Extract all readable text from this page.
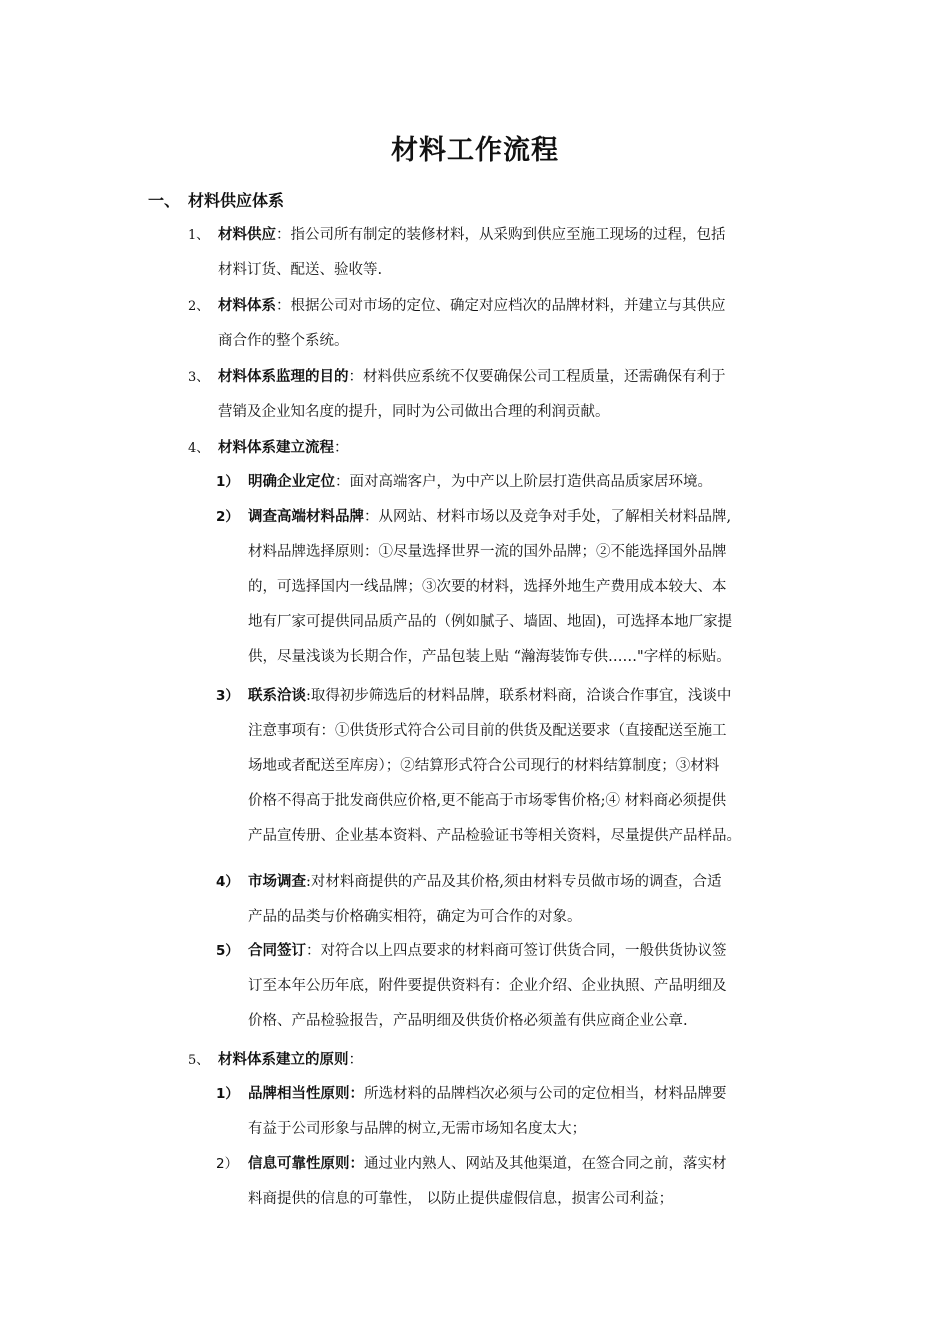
材料工作流程
一、 材料供应体系
1、 材料供应：指公司所有制定的装修材料，从采购到供应至施工现场的过程，包括
材料订货、配送、验收等.
2、 材料体系：根据公司对市场的定位、确定对应档次的品牌材料，并建立与其供应
商合作的整个系统。
3、 材料体系监理的目的：材料供应系统不仅要确保公司工程质量，还需确保有利于
营销及企业知名度的提升，同时为公司做出合理的利润贡献。
4、 材料体系建立流程：
1） 明确企业定位：面对高端客户，为中产以上阶层打造供高品质家居环境。
2） 调查高端材料品牌：从网站、材料市场以及竞争对手处，了解相关材料品牌,
材料品牌选择原则：①尽量选择世界一流的国外品牌；②不能选择国外品牌
的，可选择国内一线品牌；③次要的材料，选择外地生产费用成本较大、本
地有厂家可提供同品质产品的（例如腻子、墙固、地固)，可选择本地厂家提
供，尽量浅谈为长期合作，产品包装上贴 “瀚海装饰专供……"字样的标贴。
3） 联系洽谈:取得初步筛选后的材料品牌，联系材料商，洽谈合作事宜，浅谈中
注意事项有：①供货形式符合公司目前的供货及配送要求（直接配送至施工
场地或者配送至库房）；②结算形式符合公司现行的材料结算制度；③材料
价格不得高于批发商供应价格,更不能高于市场零售价格;④ 材料商必须提供
产品宣传册、企业基本资料、产品检验证书等相关资料，尽量提供产品样品。
4） 市场调查:对材料商提供的产品及其价格,须由材料专员做市场的调查，合适
产品的品类与价格确实相符，确定为可合作的对象。
5） 合同签订：对符合以上四点要求的材料商可签订供货合同，一般供货协议签
订至本年公历年底，附件要提供资料有：企业介绍、企业执照、产品明细及
价格、产品检验报告，产品明细及供货价格必须盖有供应商企业公章.
5、 材料体系建立的原则：
1） 品牌相当性原则：所选材料的品牌档次必须与公司的定位相当，材料品牌要
有益于公司形象与品牌的树立,无需市场知名度太大；
2） 信息可靠性原则：通过业内熟人、网站及其他渠道，在签合同之前，落实材
料商提供的信息的可靠性， 以防止提供虚假信息，损害公司利益；
